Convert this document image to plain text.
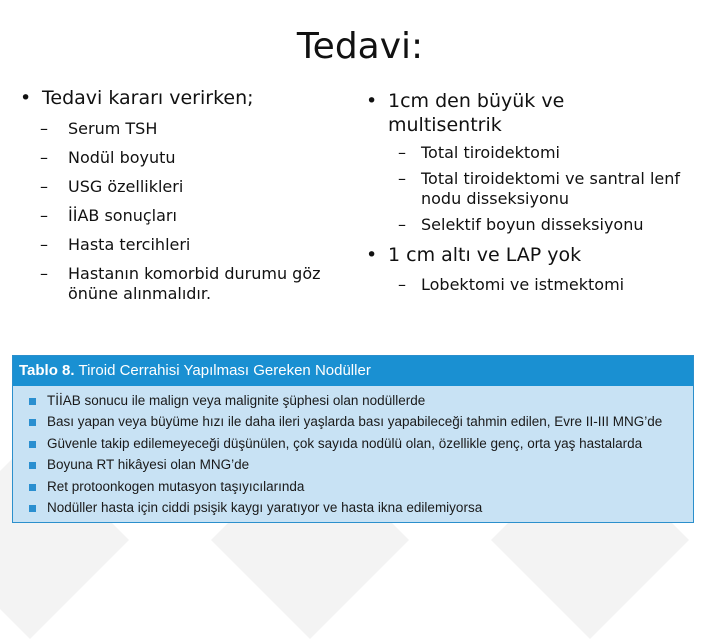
Tedavi:
• Tedavi kararı verirken;
– Serum TSH
– Nodül boyutu
– USG özellikleri
– İİAB sonuçları
– Hasta tercihleri
– Hastanın komorbid durumu göz önüne alınmalıdır.
• 1cm den büyük ve multisentrik
– Total tiroidektomi
– Total tiroidektomi ve santral lenf nodu disseksiyonu
– Selektif boyun disseksiyonu
• 1 cm altı ve LAP yok
– Lobektomi ve istmektomi
Tablo 8. Tiroid Cerrahisi Yapılması Gereken Nodüller
TİİAB sonucu ile malign veya malignite şüphesi olan nodüllerde
Bası yapan veya büyüme hızı ile daha ileri yaşlarda bası yapabileceği tahmin edilen, Evre II-III MNG’de
Güvenle takip edilemeyeceği düşünülen, çok sayıda nodülü olan, özellikle genç, orta yaş hastalarda
Boyuna RT hikâyesi olan MNG’de
Ret protoonkogen mutasyon taşıyıcılarında
Nodüller hasta için ciddi psişik kaygı yaratıyor ve hasta ikna edilemiyorsa
